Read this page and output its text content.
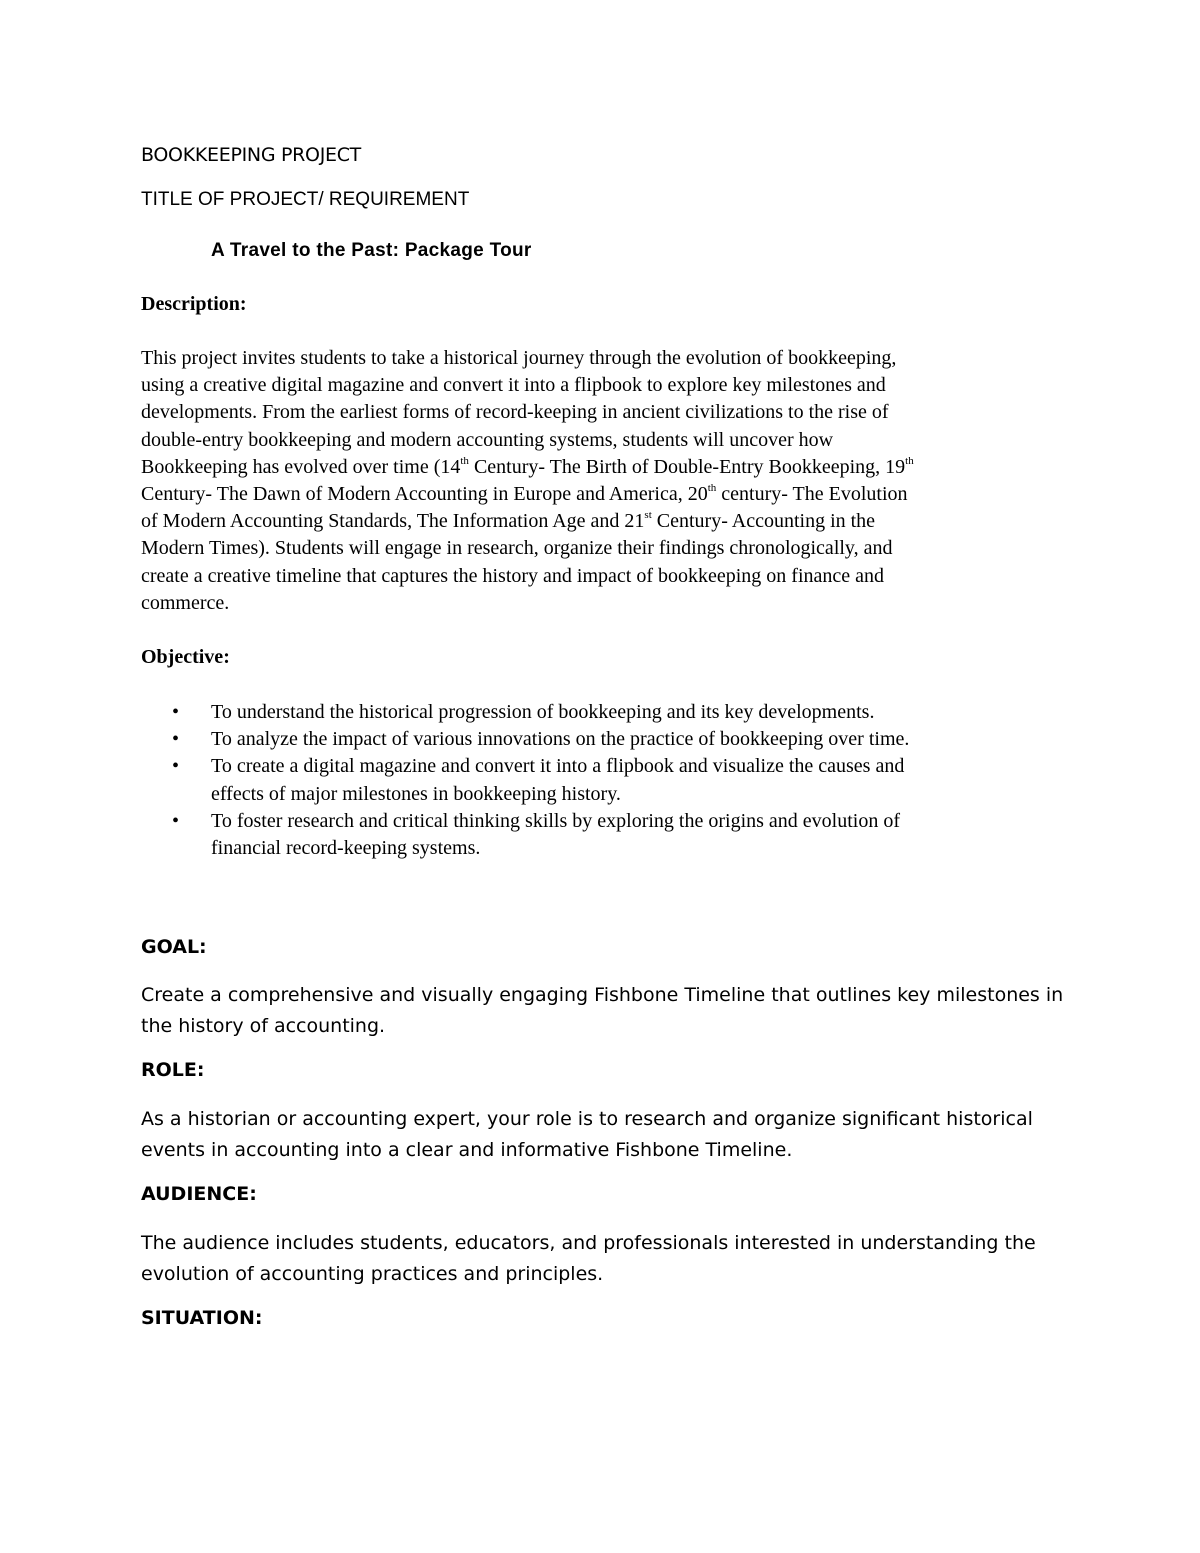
BOOKKEEPING PROJECT
TITLE OF PROJECT/ REQUIREMENT
A Travel to the Past: Package Tour
Description:

This project invites students to take a historical journey through the evolution of bookkeeping,

using a creative digital magazine and convert it into a flipbook to explore key milestones and

developments. From the earliest forms of record-keeping in ancient civilizations to the rise of

double-entry bookkeeping and modern accounting systems, students will uncover how

Bookkeeping has evolved over time (14th Century- The Birth of Double-Entry Bookkeeping, 19th

Century- The Dawn of Modern Accounting in Europe and America, 20th century- The Evolution

of Modern Accounting Standards, The Information Age and 21st Century- Accounting in the

Modern Times). Students will engage in research, organize their findings chronologically, and

create a creative timeline that captures the history and impact of bookkeeping on finance and

commerce.

Objective:
• To understand the historical progression of bookkeeping and its key developments.
• To analyze the impact of various innovations on the practice of bookkeeping over time.
• To create a digital magazine and convert it into a flipbook and visualize the causes and
effects of major milestones in bookkeeping history.
• To foster research and critical thinking skills by exploring the origins and evolution of
financial record-keeping systems.
GOAL:
Create a comprehensive and visually engaging Fishbone Timeline that outlines key milestones in
the history of accounting.
ROLE:
As a historian or accounting expert, your role is to research and organize significant historical
events in accounting into a clear and informative Fishbone Timeline.
AUDIENCE:
The audience includes students, educators, and professionals interested in understanding the
evolution of accounting practices and principles.
SITUATION:
